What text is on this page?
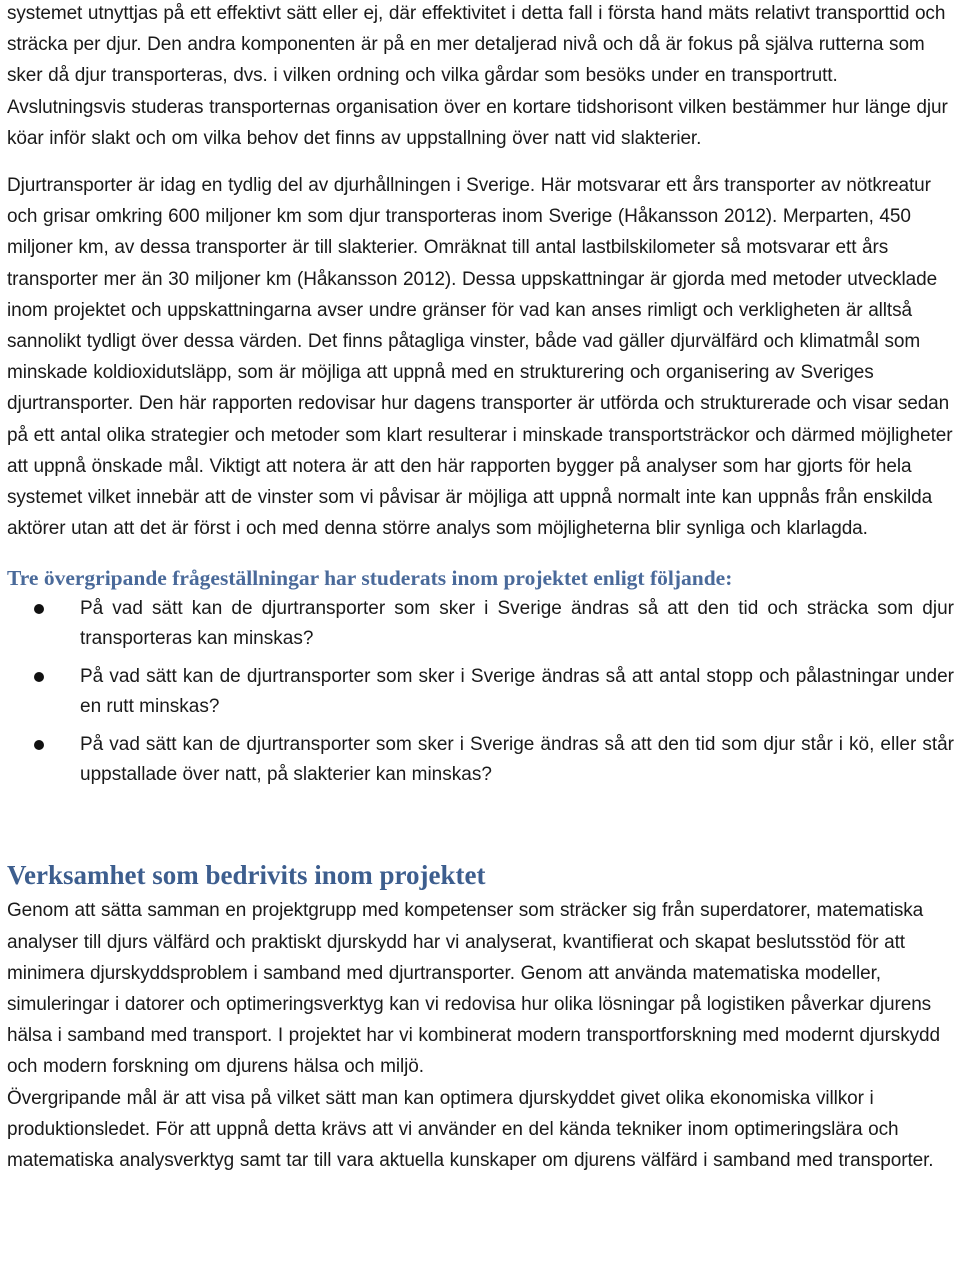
systemet utnyttjas på ett effektivt sätt eller ej, där effektivitet i detta fall i första hand mäts relativt transporttid och sträcka per djur. Den andra komponenten är på en mer detaljerad nivå och då är fokus på själva rutterna som sker då djur transporteras, dvs. i vilken ordning och vilka gårdar som besöks under en transportrutt. Avslutningsvis studeras transporternas organisation över en kortare tidshorisont vilken bestämmer hur länge djur köar inför slakt och om vilka behov det finns av uppstallning över natt vid slakterier.

Djurtransporter är idag en tydlig del av djurhållningen i Sverige. Här motsvarar ett års transporter av nötkreatur och grisar omkring 600 miljoner km som djur transporteras inom Sverige (Håkansson 2012). Merparten, 450 miljoner km, av dessa transporter är till slakterier. Omräknat till antal lastbilskilometer så motsvarar ett års transporter mer än 30 miljoner km (Håkansson 2012). Dessa uppskattningar är gjorda med metoder utvecklade inom projektet och uppskattningarna avser undre gränser för vad kan anses rimligt och verkligheten är alltså sannolikt tydligt över dessa värden. Det finns påtagliga vinster, både vad gäller djurvälfärd och klimatmål som minskade koldioxidutsläpp, som är möjliga att uppnå med en strukturering och organisering av Sveriges djurtransporter. Den här rapporten redovisar hur dagens transporter är utförda och strukturerade och visar sedan på ett antal olika strategier och metoder som klart resulterar i minskade transportsträckor och därmed möjligheter att uppnå önskade mål. Viktigt att notera är att den här rapporten bygger på analyser som har gjorts för hela systemet vilket innebär att de vinster som vi påvisar är möjliga att uppnå normalt inte kan uppnås från enskilda aktörer utan att det är först i och med denna större analys som möjligheterna blir synliga och klarlagda.

Tre övergripande frågeställningar har studerats inom projektet enligt följande:
På vad sätt kan de djurtransporter som sker i Sverige ändras så att den tid och sträcka som djur transporteras kan minskas?
På vad sätt kan de djurtransporter som sker i Sverige ändras så att antal stopp och pålastningar under en rutt minskas?
På vad sätt kan de djurtransporter som sker i Sverige ändras så att den tid som djur står i kö, eller står uppstallade över natt, på slakterier kan minskas?
Verksamhet som bedrivits inom projektet

Genom att sätta samman en projektgrupp med kompetenser som sträcker sig från superdatorer, matematiska analyser till djurs välfärd och praktiskt djurskydd har vi analyserat, kvantifierat och skapat beslutsstöd för att minimera djurskyddsproblem i samband med djurtransporter. Genom att använda matematiska modeller, simuleringar i datorer och optimeringsverktyg kan vi redovisa hur olika lösningar på logistiken påverkar djurens hälsa i samband med transport. I projektet har vi kombinerat modern transportforskning med modernt djurskydd och modern forskning om djurens hälsa och miljö.

Övergripande mål är att visa på vilket sätt man kan optimera djurskyddet givet olika ekonomiska villkor i produktionsledet. För att uppnå detta krävs att vi använder en del kända tekniker inom optimeringslära och matematiska analysverktyg samt tar till vara aktuella kunskaper om djurens välfärd i samband med transporter.
